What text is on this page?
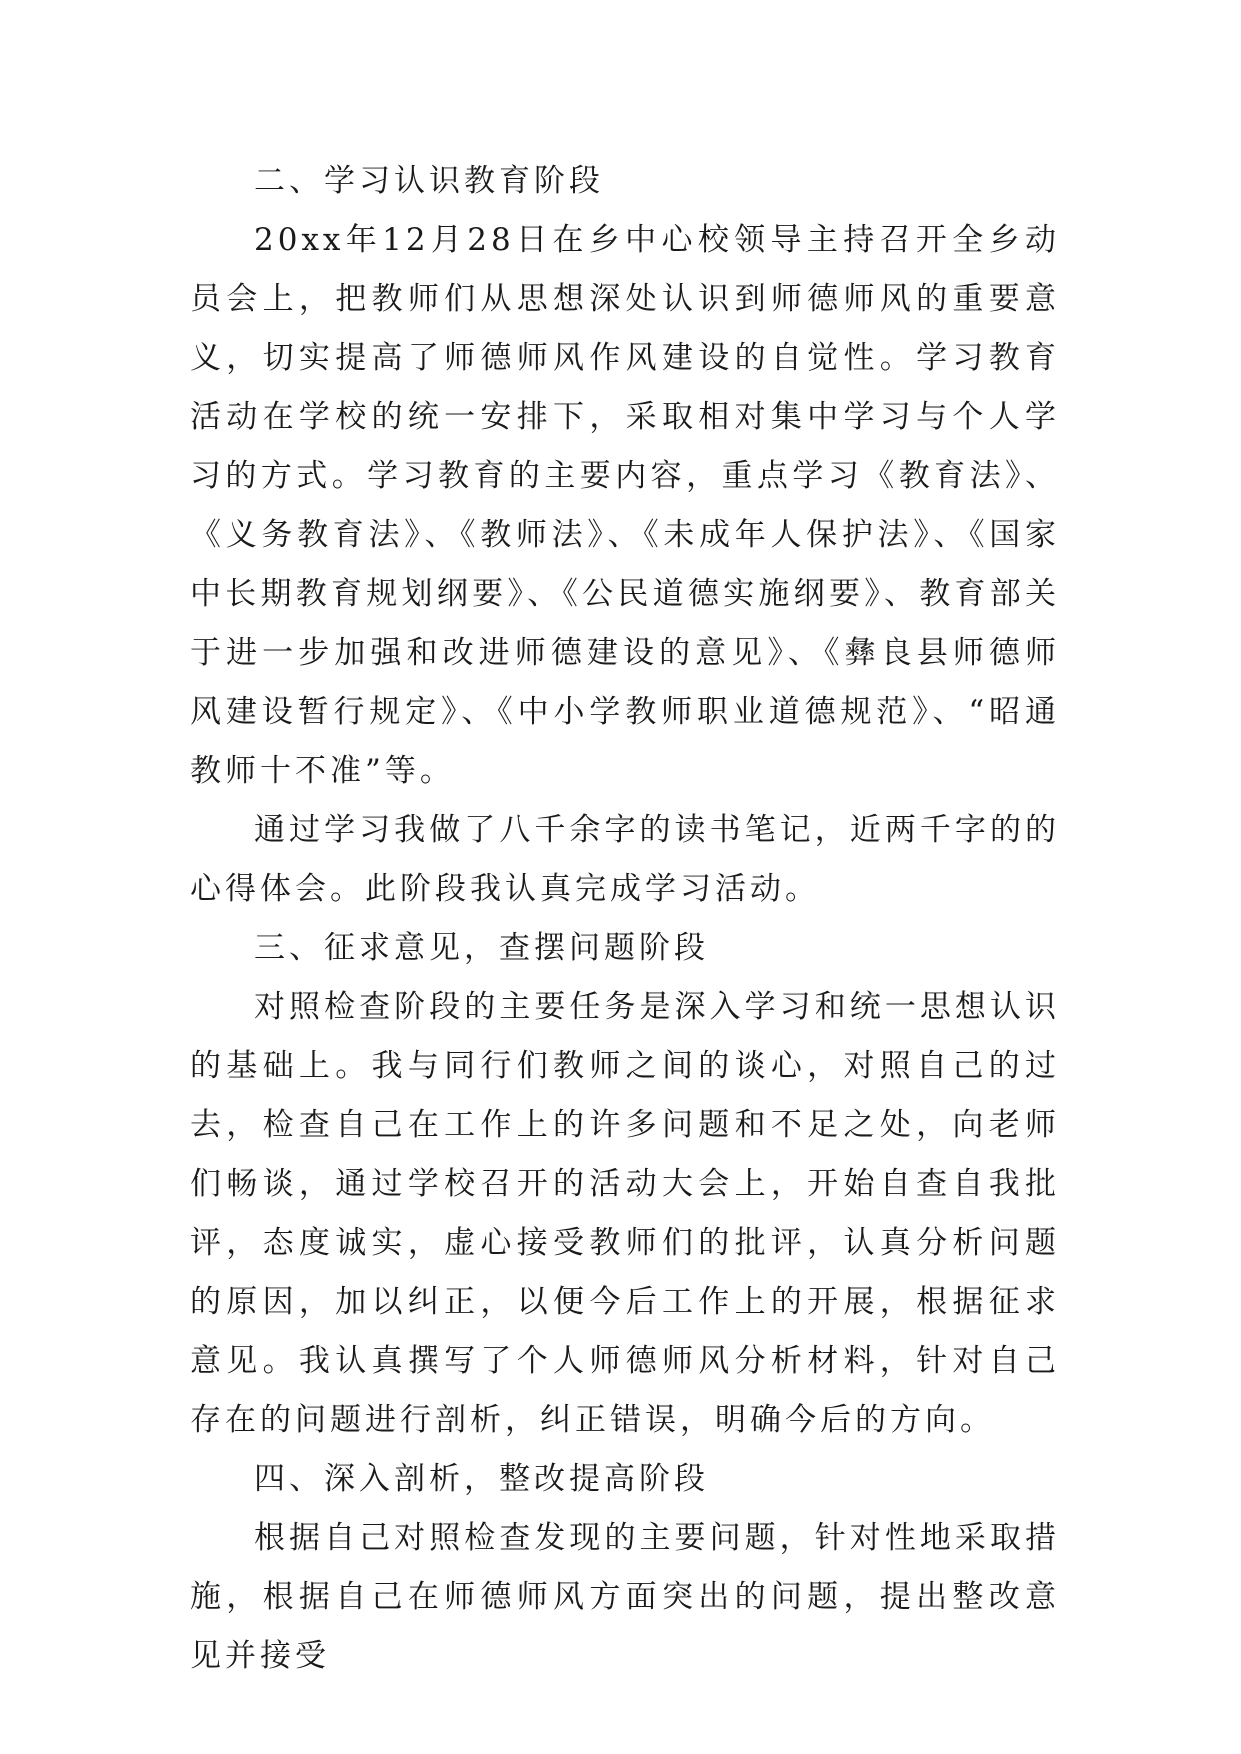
二、学习认识教育阶段

20xx年12月28日在乡中心校领导主持召开全乡动员会上，把教师们从思想深处认识到师德师风的重要意义，切实提高了师德师风作风建设的自觉性。学习教育活动在学校的统一安排下，采取相对集中学习与个人学习的方式。学习教育的主要内容，重点学习《教育法》、《义务教育法》、《教师法》、《未成年人保护法》、《国家中长期教育规划纲要》、《公民道德实施纲要》、教育部关于进一步加强和改进师德建设的意见》、《彝良县师德师风建设暂行规定》、《中小学教师职业道德规范》、“昭通教师十不准”等。

通过学习我做了八千余字的读书笔记，近两千字的的心得体会。此阶段我认真完成学习活动。

三、征求意见，查摆问题阶段

对照检查阶段的主要任务是深入学习和统一思想认识的基础上。我与同行们教师之间的谈心，对照自己的过去，检查自己在工作上的许多问题和不足之处，向老师们畅谈，通过学校召开的活动大会上，开始自查自我批评，态度诚实，虚心接受教师们的批评，认真分析问题的原因，加以纠正，以便今后工作上的开展，根据征求意见。我认真撰写了个人师德师风分析材料，针对自己存在的问题进行剖析，纠正错误，明确今后的方向。

四、深入剖析，整改提高阶段

根据自己对照检查发现的主要问题，针对性地采取措施，根据自己在师德师风方面突出的问题，提出整改意见并接受
